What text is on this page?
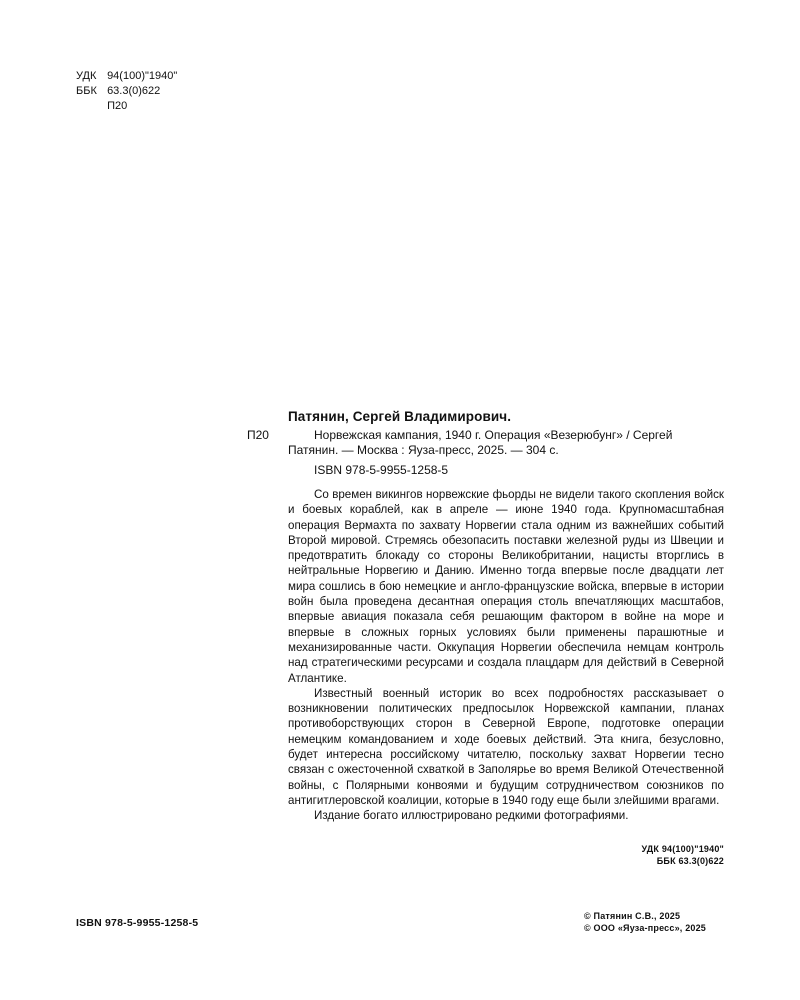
УДК 94(100)"1940"
ББК 63.3(0)622
П20
П20
Патянин, Сергей Владимирович.
Норвежская кампания, 1940 г. Операция «Везерюбунг» / Сергей
Патянин. — Москва : Яуза-пресс, 2025. — 304 с.
ISBN 978-5-9955-1258-5

Со времен викингов норвежские фьорды не видели такого скопления войск и боевых кораблей, как в апреле — июне 1940 года. Крупномасштабная операция Вермахта по захвату Норвегии стала одним из важнейших событий Второй мировой. Стремясь обезопасить поставки железной руды из Швеции и предотвратить блокаду со стороны Великобритании, нацисты вторглись в нейтральные Норвегию и Данию. Именно тогда впервые после двадцати лет мира сошлись в бою немецкие и англо-французские войска, впервые в истории войн была проведена десантная операция столь впечатляющих масштабов, впервые авиация показала себя решающим фактором в войне на море и впервые в сложных горных условиях были применены парашютные и механизированные части. Оккупация Норвегии обеспечила немцам контроль над стратегическими ресурсами и создала плацдарм для действий в Северной Атлантике.

Известный военный историк во всех подробностях рассказывает о возникновении политических предпосылок Норвежской кампании, планах противоборствующих сторон в Северной Европе, подготовке операции немецким командованием и ходе боевых действий. Эта книга, безусловно, будет интересна российскому читателю, поскольку захват Норвегии тесно связан с ожесточенной схваткой в Заполярье во время Великой Отечественной войны, с Полярными конвоями и будущим сотрудничеством союзников по антигитлеровской коалиции, которые в 1940 году еще были злейшими врагами.

Издание богато иллюстрировано редкими фотографиями.

УДК 94(100)"1940"
ББК 63.3(0)622
ISBN 978-5-9955-1258-5
© Патянин С.В., 2025
© ООО «Яуза-пресс», 2025
